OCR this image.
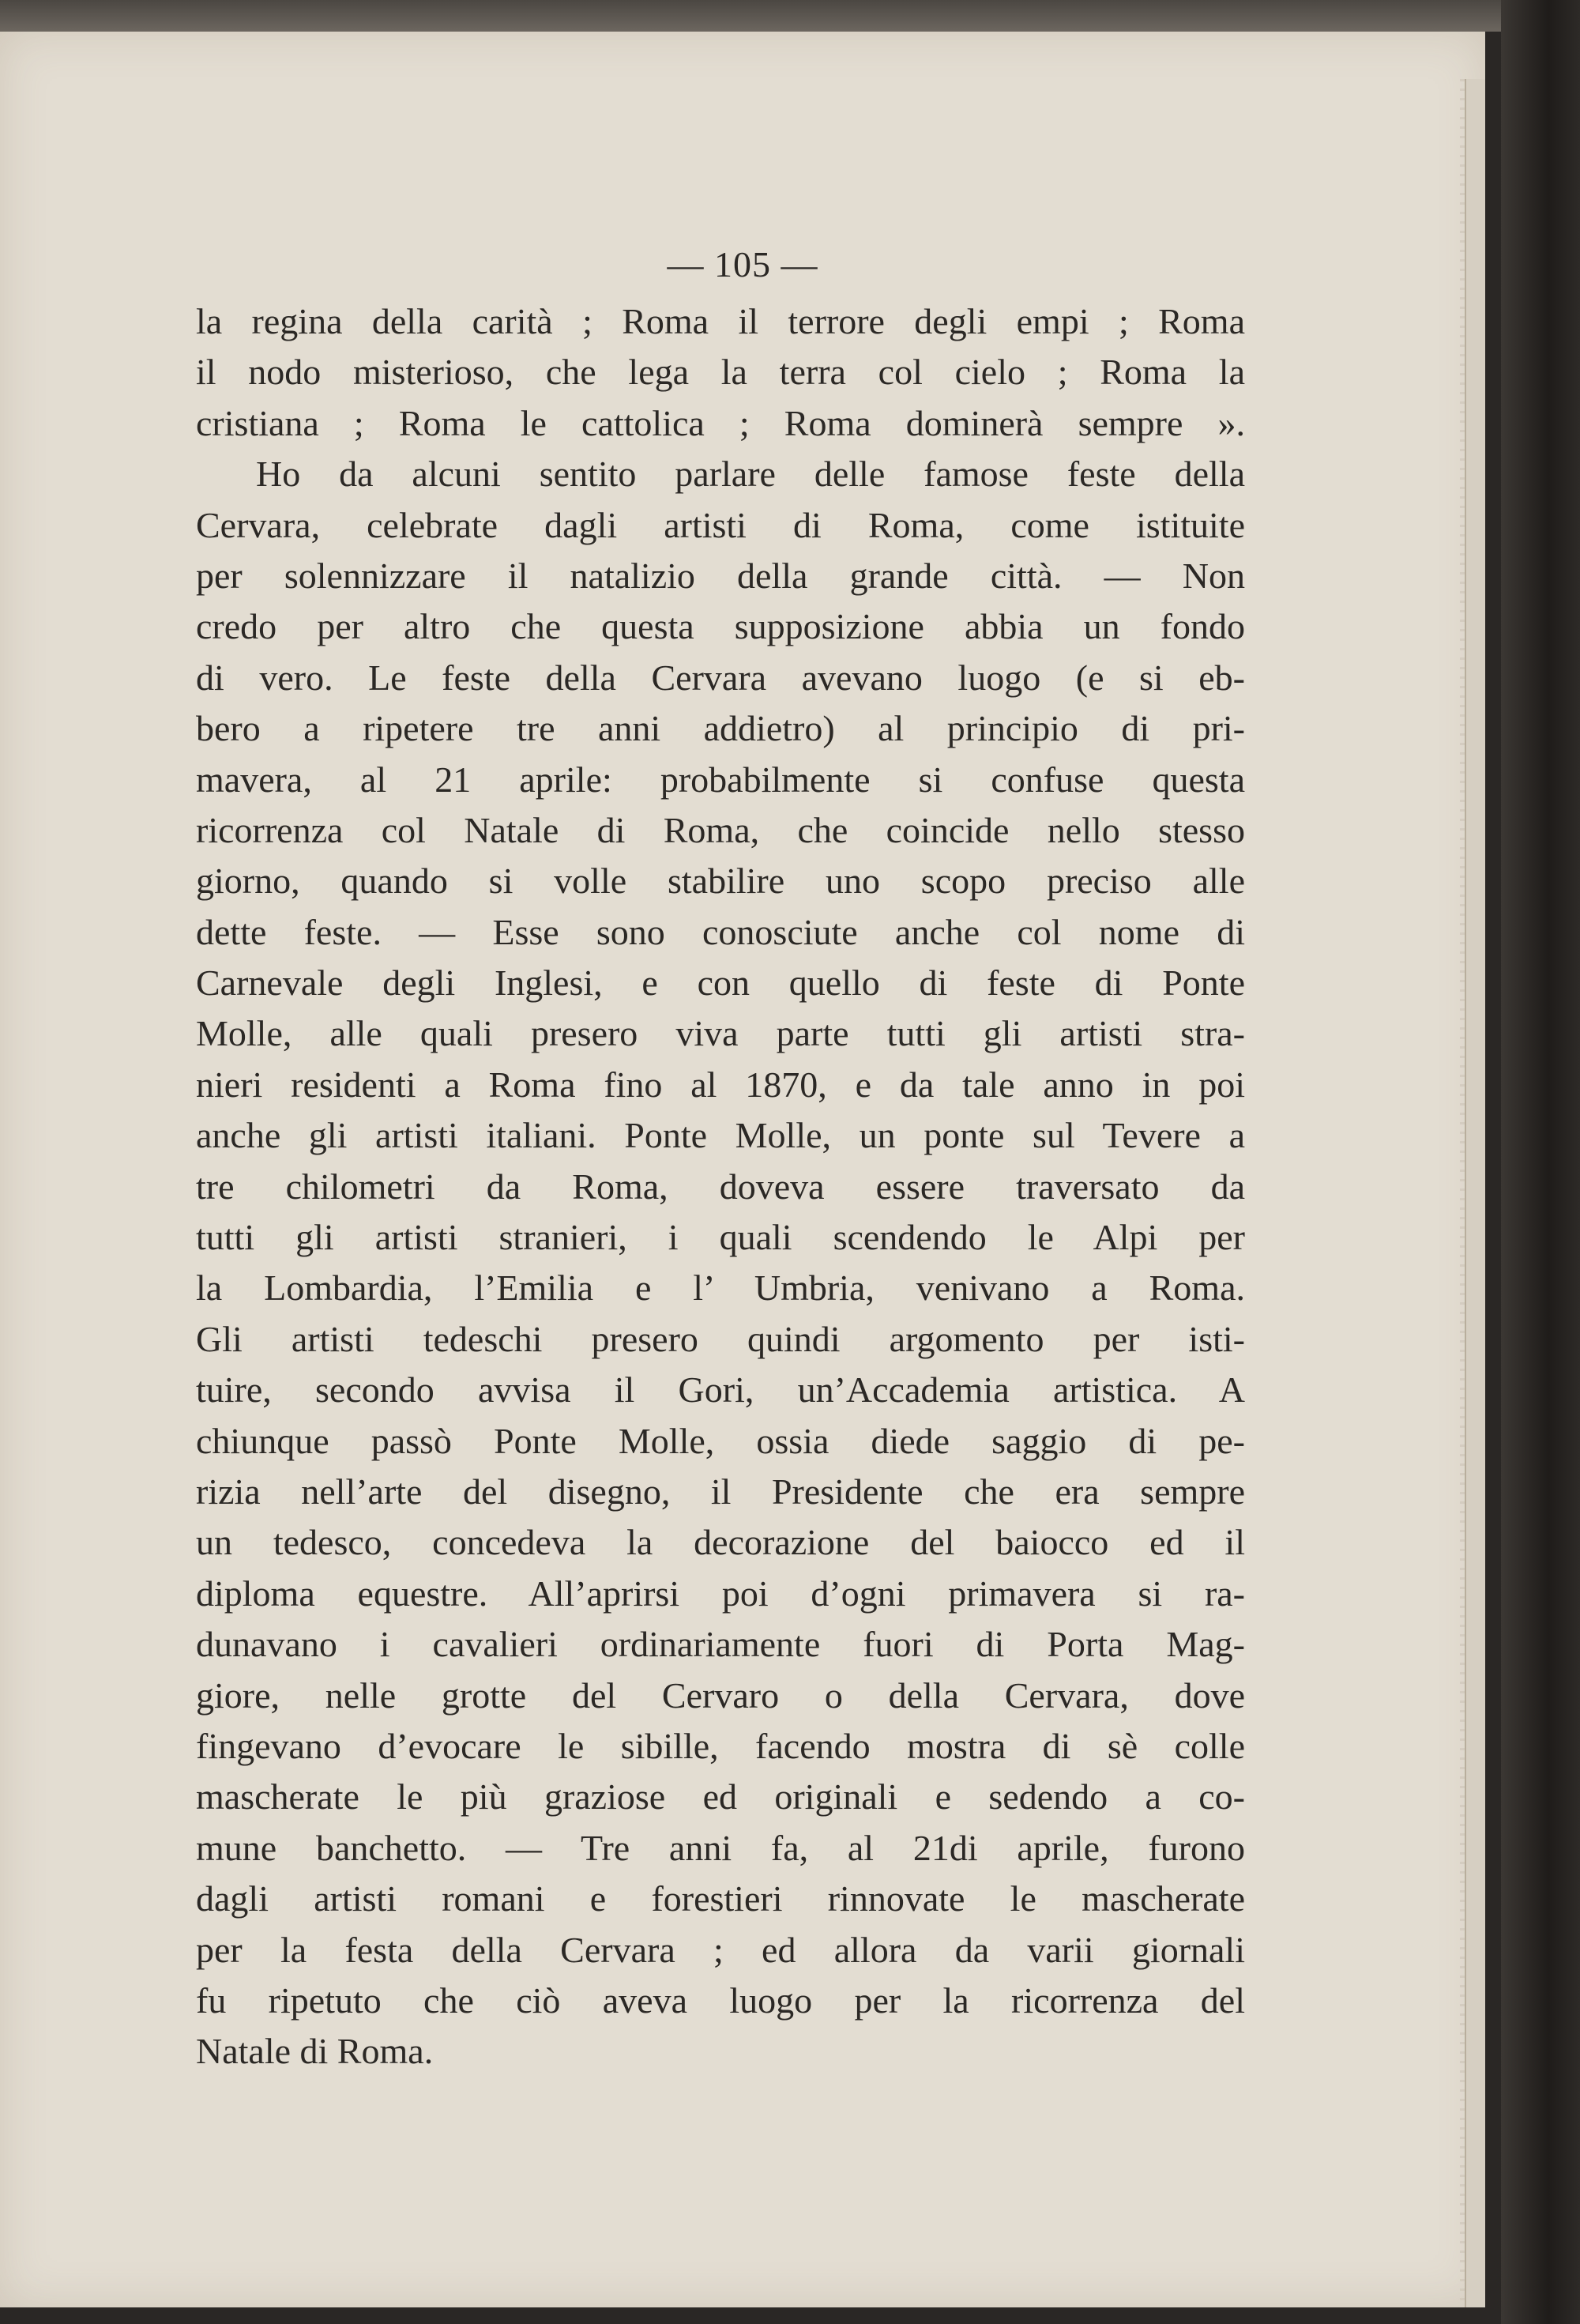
— 105 —
la regina della carità ; Roma il terrore degli empi ; Roma
il nodo misterioso, che lega la terra col cielo ; Roma la
cristiana ; Roma le cattolica ; Roma dominerà sempre ».
Ho da alcuni sentito parlare delle famose feste della
Cervara, celebrate dagli artisti di Roma, come istituite
per solennizzare il natalizio della grande città. — Non
credo per altro che questa supposizione abbia un fondo
di vero. Le feste della Cervara avevano luogo (e si eb-
bero a ripetere tre anni addietro) al principio di pri-
mavera, al 21 aprile: probabilmente si confuse questa
ricorrenza col Natale di Roma, che coincide nello stesso
giorno, quando si volle stabilire uno scopo preciso alle
dette feste. — Esse sono conosciute anche col nome di
Carnevale degli Inglesi, e con quello di feste di Ponte
Molle, alle quali presero viva parte tutti gli artisti stra-
nieri residenti a Roma fino al 1870, e da tale anno in poi
anche gli artisti italiani. Ponte Molle, un ponte sul Tevere a
tre chilometri da Roma, doveva essere traversato da
tutti gli artisti stranieri, i quali scendendo le Alpi per
la Lombardia, l’Emilia e l’ Umbria, venivano a Roma.
Gli artisti tedeschi presero quindi argomento per isti-
tuire, secondo avvisa il Gori, un’Accademia artistica. A
chiunque passò Ponte Molle, ossia diede saggio di pe-
rizia nell’arte del disegno, il Presidente che era sempre
un tedesco, concedeva la decorazione del baiocco ed il
diploma equestre. All’aprirsi poi d’ogni primavera si ra-
dunavano i cavalieri ordinariamente fuori di Porta Mag-
giore, nelle grotte del Cervaro o della Cervara, dove
fingevano d’evocare le sibille, facendo mostra di sè colle
mascherate le più graziose ed originali e sedendo a co-
mune banchetto. — Tre anni fa, al 21di aprile, furono
dagli artisti romani e forestieri rinnovate le mascherate
per la festa della Cervara ; ed allora da varii giornali
fu ripetuto che ciò aveva luogo per la ricorrenza del
Natale di Roma.
